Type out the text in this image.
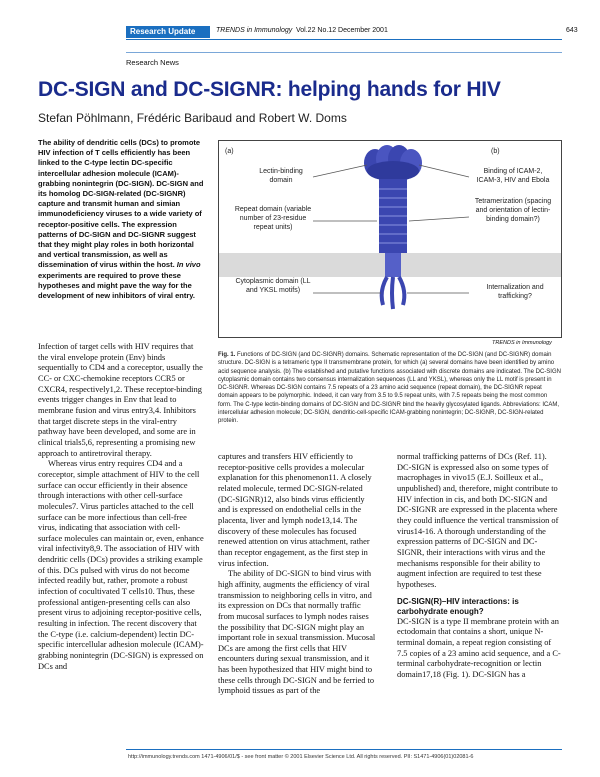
Research Update	TRENDS in Immunology Vol.22 No.12 December 2001	643
Research News
DC-SIGN and DC-SIGNR: helping hands for HIV
Stefan Pöhlmann, Frédéric Baribaud and Robert W. Doms
The ability of dendritic cells (DCs) to promote HIV infection of T cells efficiently has been linked to the C-type lectin DC-specific intercellular adhesion molecule (ICAM)-grabbing nonintegrin (DC-SIGN). DC-SIGN and its homolog DC-SIGN-related (DC-SIGNR) capture and transmit human and simian immunodeficiency viruses to a wide variety of receptor-positive cells. The expression patterns of DC-SIGN and DC-SIGNR suggest that they might play roles in both horizontal and vertical transmission, as well as dissemination of virus within the host. In vivo experiments are required to prove these hypotheses and might pave the way for the development of new inhibitors of viral entry.
(a)	(b)
Lectin-binding domain
Repeat domain (variable number of 23-residue repeat units)
Cytoplasmic domain (LL and YKSL motifs)
Binding of ICAM-2, ICAM-3, HIV and Ebola
Tetramerization (spacing and orientation of lectin-binding domain?)
Internalization and trafficking?
TRENDS in Immunology
Fig. 1. Functions of DC-SIGN (and DC-SIGNR) domains. Schematic representation of the DC-SIGN (and DC-SIGNR) domain structure. DC-SIGN is a tetrameric type II transmembrane protein, for which (a) several domains have been identified by amino acid sequence analysis. (b) The established and putative functions associated with discrete domains are indicated. The DC-SIGN cytoplasmic domain contains two consensus internalization sequences (LL and YKSL), whereas only the LL motif is present in DC-SIGNR. Whereas DC-SIGN contains 7.5 repeats of a 23 amino acid sequence (repeat domain), the DC-SIGNR repeat domain appears to be polymorphic. Indeed, it can vary from 3.5 to 9.5 repeat units, with 7.5 repeats being the most common form. The C-type lectin-binding domains of DC-SIGN and DC-SIGNR bind the heavily glycosylated ligands. Abbreviations: ICAM, intercellular adhesion molecule; DC-SIGN, dendritic-cell-specific ICAM-grabbing nonintegrin; DC-SIGNR, DC-SIGN-related protein.

Infection of target cells with HIV requires that the viral envelope protein (Env) binds sequentially to CD4 and a coreceptor, usually the CC- or CXC-chemokine receptors CCR5 or CXCR4, respectively1,2. These receptor-binding events trigger changes in Env that lead to membrane fusion and virus entry3,4. Inhibitors that target discrete steps in the viral-entry pathway have been developed, and some are in clinical trials5,6, representing a promising new approach to antiretroviral therapy.

Whereas virus entry requires CD4 and a coreceptor, simple attachment of HIV to the cell surface can occur efficiently in their absence through interactions with other cell-surface molecules7. Virus particles attached to the cell surface can be more infectious than cell-free virus, indicating that association with cell-surface molecules can maintain or, even, enhance viral infectivity8,9. The association of HIV with dendritic cells (DCs) provides a striking example of this. DCs pulsed with virus do not become infected readily but, rather, promote a robust infection of cocultivated T cells10. Thus, these professional antigen-presenting cells can also present virus to adjoining receptor-positive cells, resulting in infection. The recent discovery that the C-type (i.e. calcium-dependent) lectin DC-specific intercellular adhesion molecule (ICAM)-grabbing nonintegrin (DC-SIGN) is expressed on DCs and

captures and transfers HIV efficiently to receptor-positive cells provides a molecular explanation for this phenomenon11. A closely related molecule, termed DC-SIGN-related (DC-SIGNR)12, also binds virus efficiently and is expressed on endothelial cells in the placenta, liver and lymph node13,14. The discovery of these molecules has focused renewed attention on virus attachment, rather than receptor engagement, as the first step in virus infection.

The ability of DC-SIGN to bind virus with high affinity, augments the efficiency of viral transmission to neighboring cells in vitro, and its expression on DCs that normally traffic from mucosal surfaces to lymph nodes raises the possibility that DC-SIGN might play an important role in sexual transmission. Mucosal DCs are among the first cells that HIV encounters during sexual transmission, and it has been hypothesized that HIV might bind to these cells through DC-SIGN and be ferried to lymphoid tissues as part of the

normal trafficking patterns of DCs (Ref. 11). DC-SIGN is expressed also on some types of macrophages in vivo15 (E.J. Soilleux et al., unpublished) and, therefore, might contribute to HIV infection in cis, and both DC-SIGN and DC-SIGNR are expressed in the placenta where they could influence the vertical transmission of virus14-16. A thorough understanding of the expression patterns of DC-SIGN and DC-SIGNR, their interactions with virus and the mechanisms responsible for their ability to augment infection are required to test these hypotheses.

DC-SIGN(R)–HIV interactions: is carbohydrate enough?

DC-SIGN is a type II membrane protein with an ectodomain that contains a short, unique N-terminal domain, a repeat region consisting of 7.5 copies of a 23 amino acid sequence, and a C-terminal carbohydrate-recognition or lectin domain17,18 (Fig. 1). DC-SIGN has a

http://immunology.trends.com 1471-4906/01/$ - see front matter © 2001 Elsevier Science Ltd. All rights reserved. PII: S1471-4906(01)02081-6
